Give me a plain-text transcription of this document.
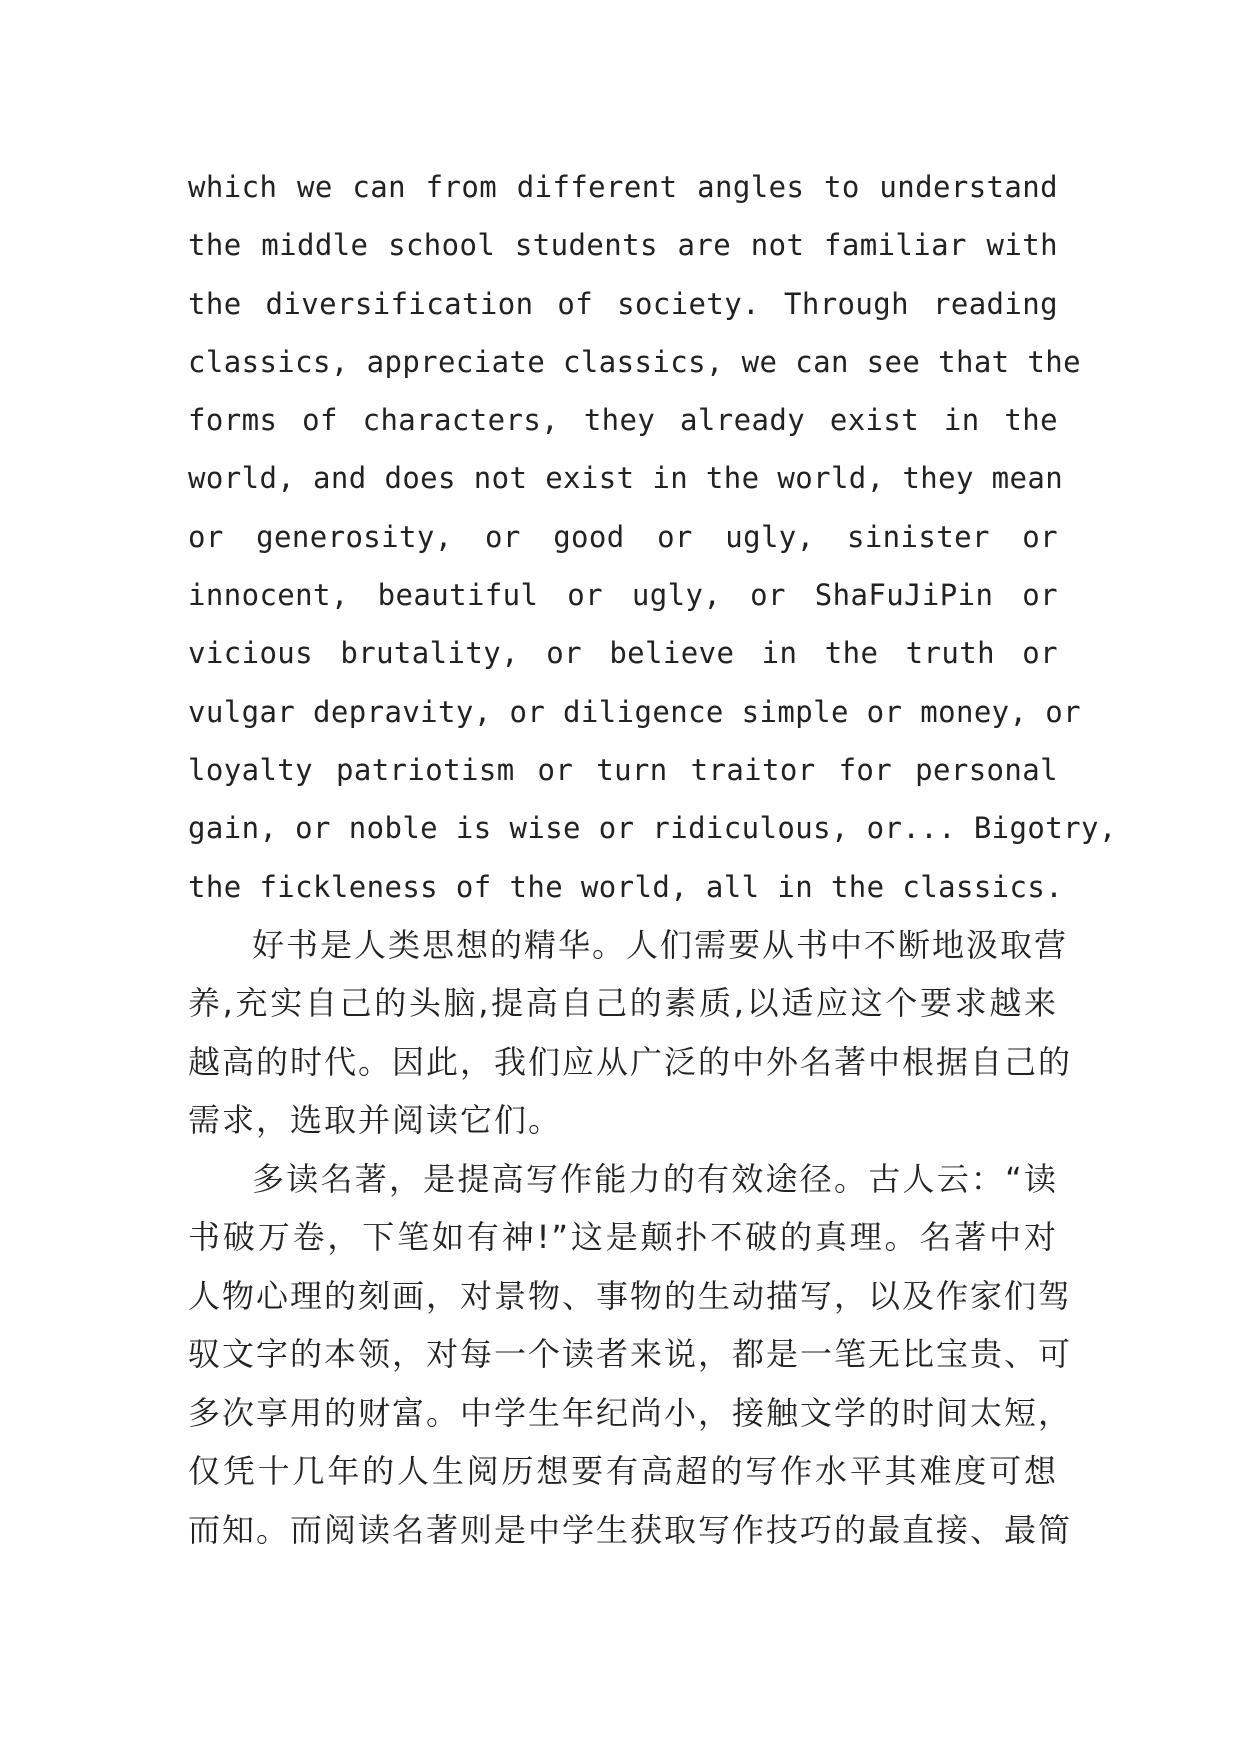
which we can from different angles to understand
the middle school students are not familiar with
the diversification of society. Through reading
classics, appreciate classics, we can see that the
forms of characters, they already exist in the
world, and does not exist in the world, they mean
or generosity, or good or ugly, sinister or
innocent, beautiful or ugly, or ShaFuJiPin or
vicious brutality, or believe in the truth or
vulgar depravity, or diligence simple or money, or
loyalty patriotism or turn traitor for personal
gain, or noble is wise or ridiculous, or... Bigotry,
the fickleness of the world, all in the classics.
好书是人类思想的精华。人们需要从书中不断地汲取营
养,充实自己的头脑,提高自己的素质,以适应这个要求越来
越高的时代。因此，我们应从广泛的中外名著中根据自己的
需求，选取并阅读它们。
多读名著，是提高写作能力的有效途径。古人云：“读
书破万卷，下笔如有神!”这是颠扑不破的真理。名著中对
人物心理的刻画，对景物、事物的生动描写，以及作家们驾
驭文字的本领，对每一个读者来说，都是一笔无比宝贵、可
多次享用的财富。中学生年纪尚小，接触文学的时间太短，
仅凭十几年的人生阅历想要有高超的写作水平其难度可想
而知。而阅读名著则是中学生获取写作技巧的最直接、最简
